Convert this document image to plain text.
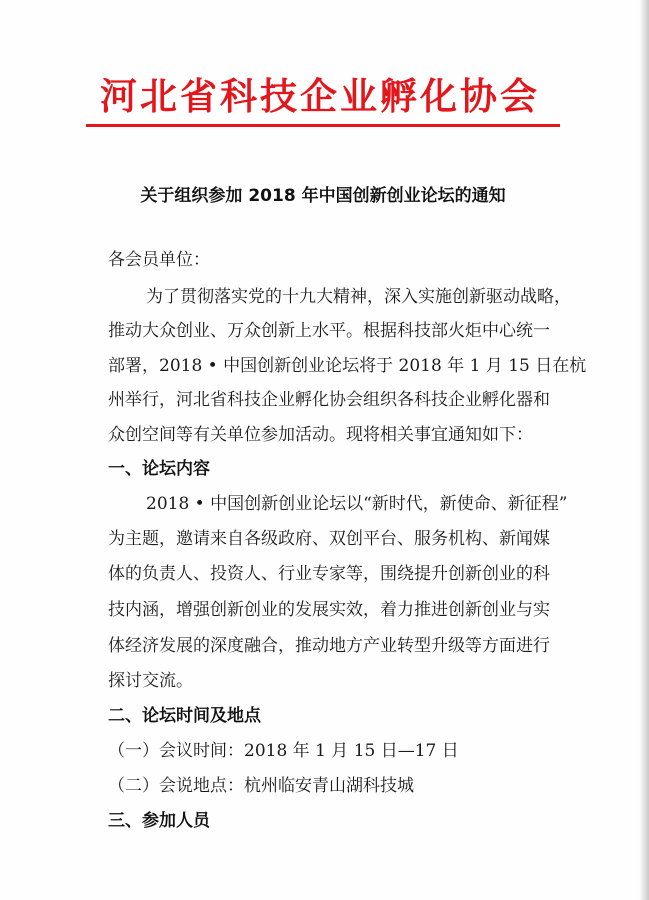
河北省科技企业孵化协会
关于组织参加 2018 年中国创新创业论坛的通知
各会员单位：
为了贯彻落实党的十九大精神，深入实施创新驱动战略，
推动大众创业、万众创新上水平。根据科技部火炬中心统一
部署，2018 • 中国创新创业论坛将于 2018 年 1 月 15 日在杭
州举行，河北省科技企业孵化协会组织各科技企业孵化器和
众创空间等有关单位参加活动。现将相关事宜通知如下：
一、论坛内容
2018 • 中国创新创业论坛以“新时代，新使命、新征程”
为主题，邀请来自各级政府、双创平台、服务机构、新闻媒
体的负责人、投资人、行业专家等，围绕提升创新创业的科
技内涵，增强创新创业的发展实效，着力推进创新创业与实
体经济发展的深度融合，推动地方产业转型升级等方面进行
探讨交流。
二、论坛时间及地点
（一）会议时间：2018 年 1 月 15 日—17 日
（二）会说地点：杭州临安青山湖科技城
三、参加人员
